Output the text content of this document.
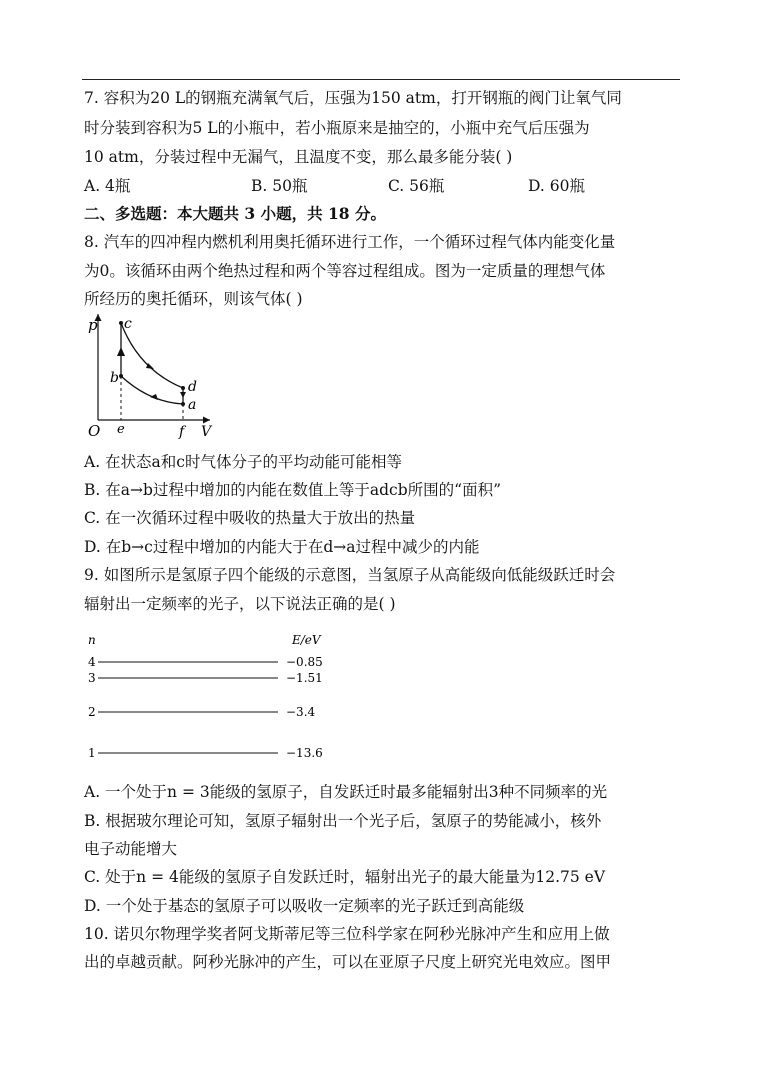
7. 容积为20 L的钢瓶充满氧气后，压强为150 atm，打开钢瓶的阀门让氧气同
时分装到容积为5 L的小瓶中，若小瓶原来是抽空的，小瓶中充气后压强为
10 atm，分装过程中无漏气，且温度不变，那么最多能分装( )
A. 4瓶	B. 50瓶	C. 56瓶	D. 60瓶
二、多选题：本大题共 3 小题，共 18 分。
8. 汽车的四冲程内燃机利用奥托循环进行工作，一个循环过程气体内能变化量
为0。该循环由两个绝热过程和两个等容过程组成。图为一定质量的理想气体
所经历的奥托循环，则该气体( )
p c
b
d
a
O e	f V
A. 在状态a和c时气体分子的平均动能可能相等
B. 在a→b过程中增加的内能在数值上等于adcb所围的“面积”
C. 在一次循环过程中吸收的热量大于放出的热量
D. 在b→c过程中增加的内能大于在d→a过程中减少的内能
9. 如图所示是氢原子四个能级的示意图，当氢原子从高能级向低能级跃迁时会
辐射出一定频率的光子，以下说法正确的是( )
n	E/eV
4	−0.85
3	−1.51
2	−3.4
1	−13.6
A. 一个处于n = 3能级的氢原子，自发跃迁时最多能辐射出3种不同频率的光
B. 根据玻尔理论可知，氢原子辐射出一个光子后，氢原子的势能减小，核外
电子动能增大
C. 处于n = 4能级的氢原子自发跃迁时，辐射出光子的最大能量为12.75 eV
D. 一个处于基态的氢原子可以吸收一定频率的光子跃迁到高能级
10. 诺贝尔物理学奖者阿戈斯蒂尼等三位科学家在阿秒光脉冲产生和应用上做
出的卓越贡献。阿秒光脉冲的产生，可以在亚原子尺度上研究光电效应。图甲
